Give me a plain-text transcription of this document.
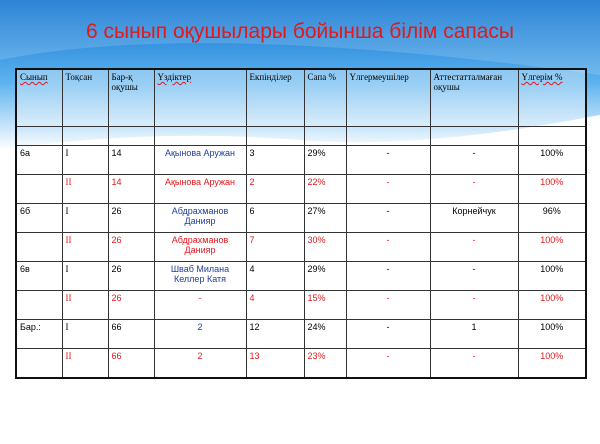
6 сынып оқушылары бойынша білім сапасы
Сынып	Тоқсан	Бар-қ оқушы	Үздіктер	Екпінділер	Сапа %	Үлгермеушілер	Аттестатталмаған оқушы	Үлгерім %

6а	I	14	Ақынова Аружан	3	29%	-	-	100%
	II	14	Ақынова Аружан	2	22%	-	-	100%
6б	I	26	Абдрахманов Данияр	6	27%	-	Корнейчук	96%
	II	26	Абдрахманов Данияр	7	30%	-	-	100%
6в	I	26	Шваб Милана Келлер Катя	4	29%	-	-	100%
	II	26	-	4	15%	-	-	100%
Бар.:	I	66	2	12	24%	-	1	100%
	II	66	2	13	23%	-	-	100%
